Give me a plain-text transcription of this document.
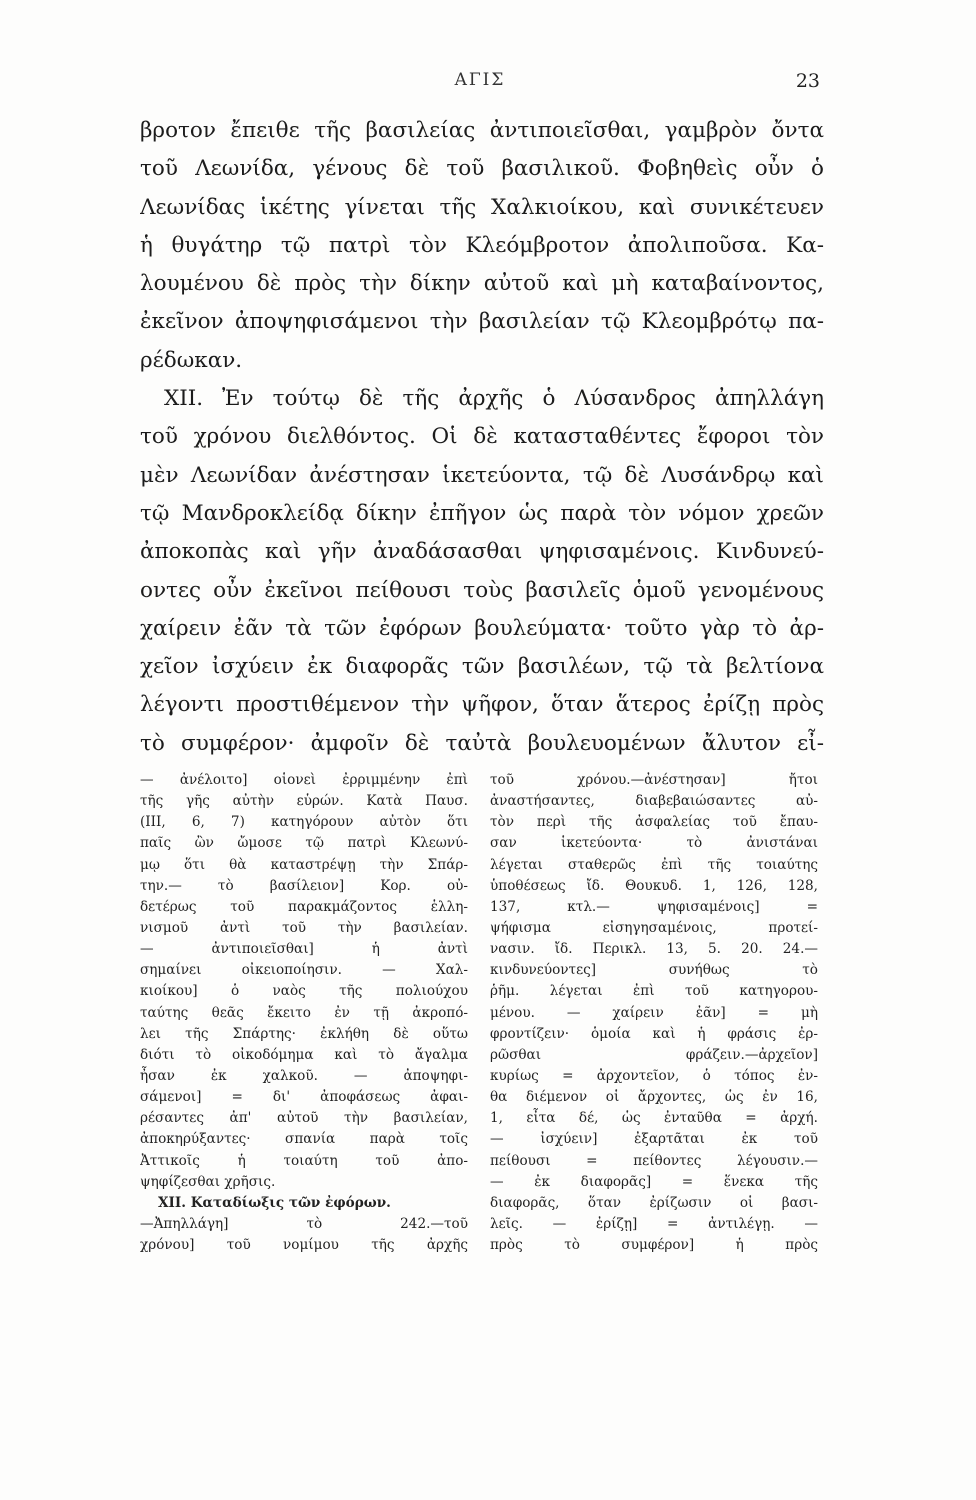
ΑΓΙΣ	23
βροτον ἔπειθε τῆς βασιλείας ἀντιποιεῖσθαι, γαμβρὸν ὄντα
τοῦ Λεωνίδα, γένους δὲ τοῦ βασιλικοῦ. Φοβηθεὶς οὖν ὁ
Λεωνίδας ἱκέτης γίνεται τῆς Χαλκιοίκου, καὶ συνικέτευεν
ἡ θυγάτηρ τῷ πατρὶ τὸν Κλεόμβροτον ἀπολιποῦσα. Κα-
λουμένου δὲ πρὸς τὴν δίκην αὐτοῦ καὶ μὴ καταβαίνοντος,
ἐκεῖνον ἀποψηφισάμενοι τὴν βασιλείαν τῷ Κλεομβρότῳ πα-
ρέδωκαν.
XII. Ἐν τούτῳ δὲ τῆς ἀρχῆς ὁ Λύσανδρος ἀπηλλάγη
τοῦ χρόνου διελθόντος. Οἱ δὲ κατασταθέντες ἔφοροι τὸν
μὲν Λεωνίδαν ἀνέστησαν ἱκετεύοντα, τῷ δὲ Λυσάνδρῳ καὶ
τῷ Μανδροκλείδᾳ δίκην ἐπῆγον ὡς παρὰ τὸν νόμον χρεῶν
ἀποκοπὰς καὶ γῆν ἀναδάσασθαι ψηφισαμένοις. Κινδυνεύ-
οντες οὖν ἐκεῖνοι πείθουσι τοὺς βασιλεῖς ὁμοῦ γενομένους
χαίρειν ἐᾶν τὰ τῶν ἐφόρων βουλεύματα· τοῦτο γὰρ τὸ ἀρ-
χεῖον ἰσχύειν ἐκ διαφορᾶς τῶν βασιλέων, τῷ τὰ βελτίονα
λέγοντι προστιθέμενον τὴν ψῆφον, ὅταν ἅτερος ἐρίζῃ πρὸς
τὸ συμφέρον· ἀμφοῖν δὲ ταὐτὰ βουλευομένων ἄλυτον εἶ-
— ἀνέλοιτο] οἱονεὶ ἐρριμμένην ἐπὶ
τῆς γῆς αὐτὴν εὑρών. Κατὰ Παυσ.
(III, 6, 7) κατηγόρουν αὐτὸν ὅτι
παῖς ὢν ὤμοσε τῷ πατρὶ Κλεωνύ-
μῳ ὅτι θὰ καταστρέψῃ τὴν Σπάρ-
την.— τὸ βασίλειον] Κορ. οὐ-
δετέρως τοῦ παρακμάζοντος ἑλλη-
νισμοῦ ἀντὶ τοῦ τὴν βασιλείαν.
— ἀντιποιεῖσθαι] ἡ ἀντὶ
σημαίνει οἰκειοποίησιν. — Χαλ-
κιοίκου] ὁ ναὸς τῆς πολιούχου
ταύτης θεᾶς ἔκειτο ἐν τῇ ἀκροπό-
λει τῆς Σπάρτης· ἐκλήθη δὲ οὕτω
διότι τὸ οἰκοδόμημα καὶ τὸ ἄγαλμα
ἦσαν ἐκ χαλκοῦ. — ἀποψηφι-
σάμενοι] = δι' ἀποφάσεως ἀφαι-
ρέσαντες ἀπ' αὐτοῦ τὴν βασιλείαν,
ἀποκηρύξαντες· σπανία παρὰ τοῖς
Ἀττικοῖς ἡ τοιαύτη τοῦ ἀπο-
ψηφίζεσθαι χρῆσις.
XII. Καταδίωξις τῶν ἐφόρων.
—Ἀπηλλάγη] τὸ 242.—τοῦ
χρόνου] τοῦ νομίμου τῆς ἀρχῆς
τοῦ χρόνου.—ἀνέστησαν] ἤτοι
ἀναστήσαντες, διαβεβαιώσαντες αὐ-
τὸν περὶ τῆς ἀσφαλείας τοῦ ἔπαυ-
σαν ἱκετεύοντα· τὸ ἀνιστάναι
λέγεται σταθερῶς ἐπὶ τῆς τοιαύτης
ὑποθέσεως ἴδ. Θουκυδ. 1, 126, 128,
137, κτλ.— ψηφισαμένοις] =
ψήφισμα εἰσηγησαμένοις, προτεί-
νασιν. ἴδ. Περικλ. 13, 5. 20. 24.—
κινδυνεύοντες] συνήθως τὸ
ῥῆμ. λέγεται ἐπὶ τοῦ κατηγορου-
μένου. — χαίρειν ἐᾶν] = μὴ
φροντίζειν· ὁμοία καὶ ἡ φράσις ἐρ-
ρῶσθαι φράζειν.—ἀρχεῖον]
κυρίως = ἀρχοντεῖον, ὁ τόπος ἐν-
θα διέμενον οἱ ἄρχοντες, ὡς ἐν 16,
1, εἶτα δέ, ὡς ἐνταῦθα = ἀρχή.
— ἰσχύειν] ἐξαρτᾶται ἐκ τοῦ
πείθουσι = πείθοντες λέγουσιν.—
— ἐκ διαφορᾶς] = ἕνεκα τῆς
διαφορᾶς, ὅταν ἐρίζωσιν οἱ βασι-
λεῖς. — ἐρίζῃ] = ἀντιλέγῃ. —
πρὸς τὸ συμφέρον] ἡ πρὸς
